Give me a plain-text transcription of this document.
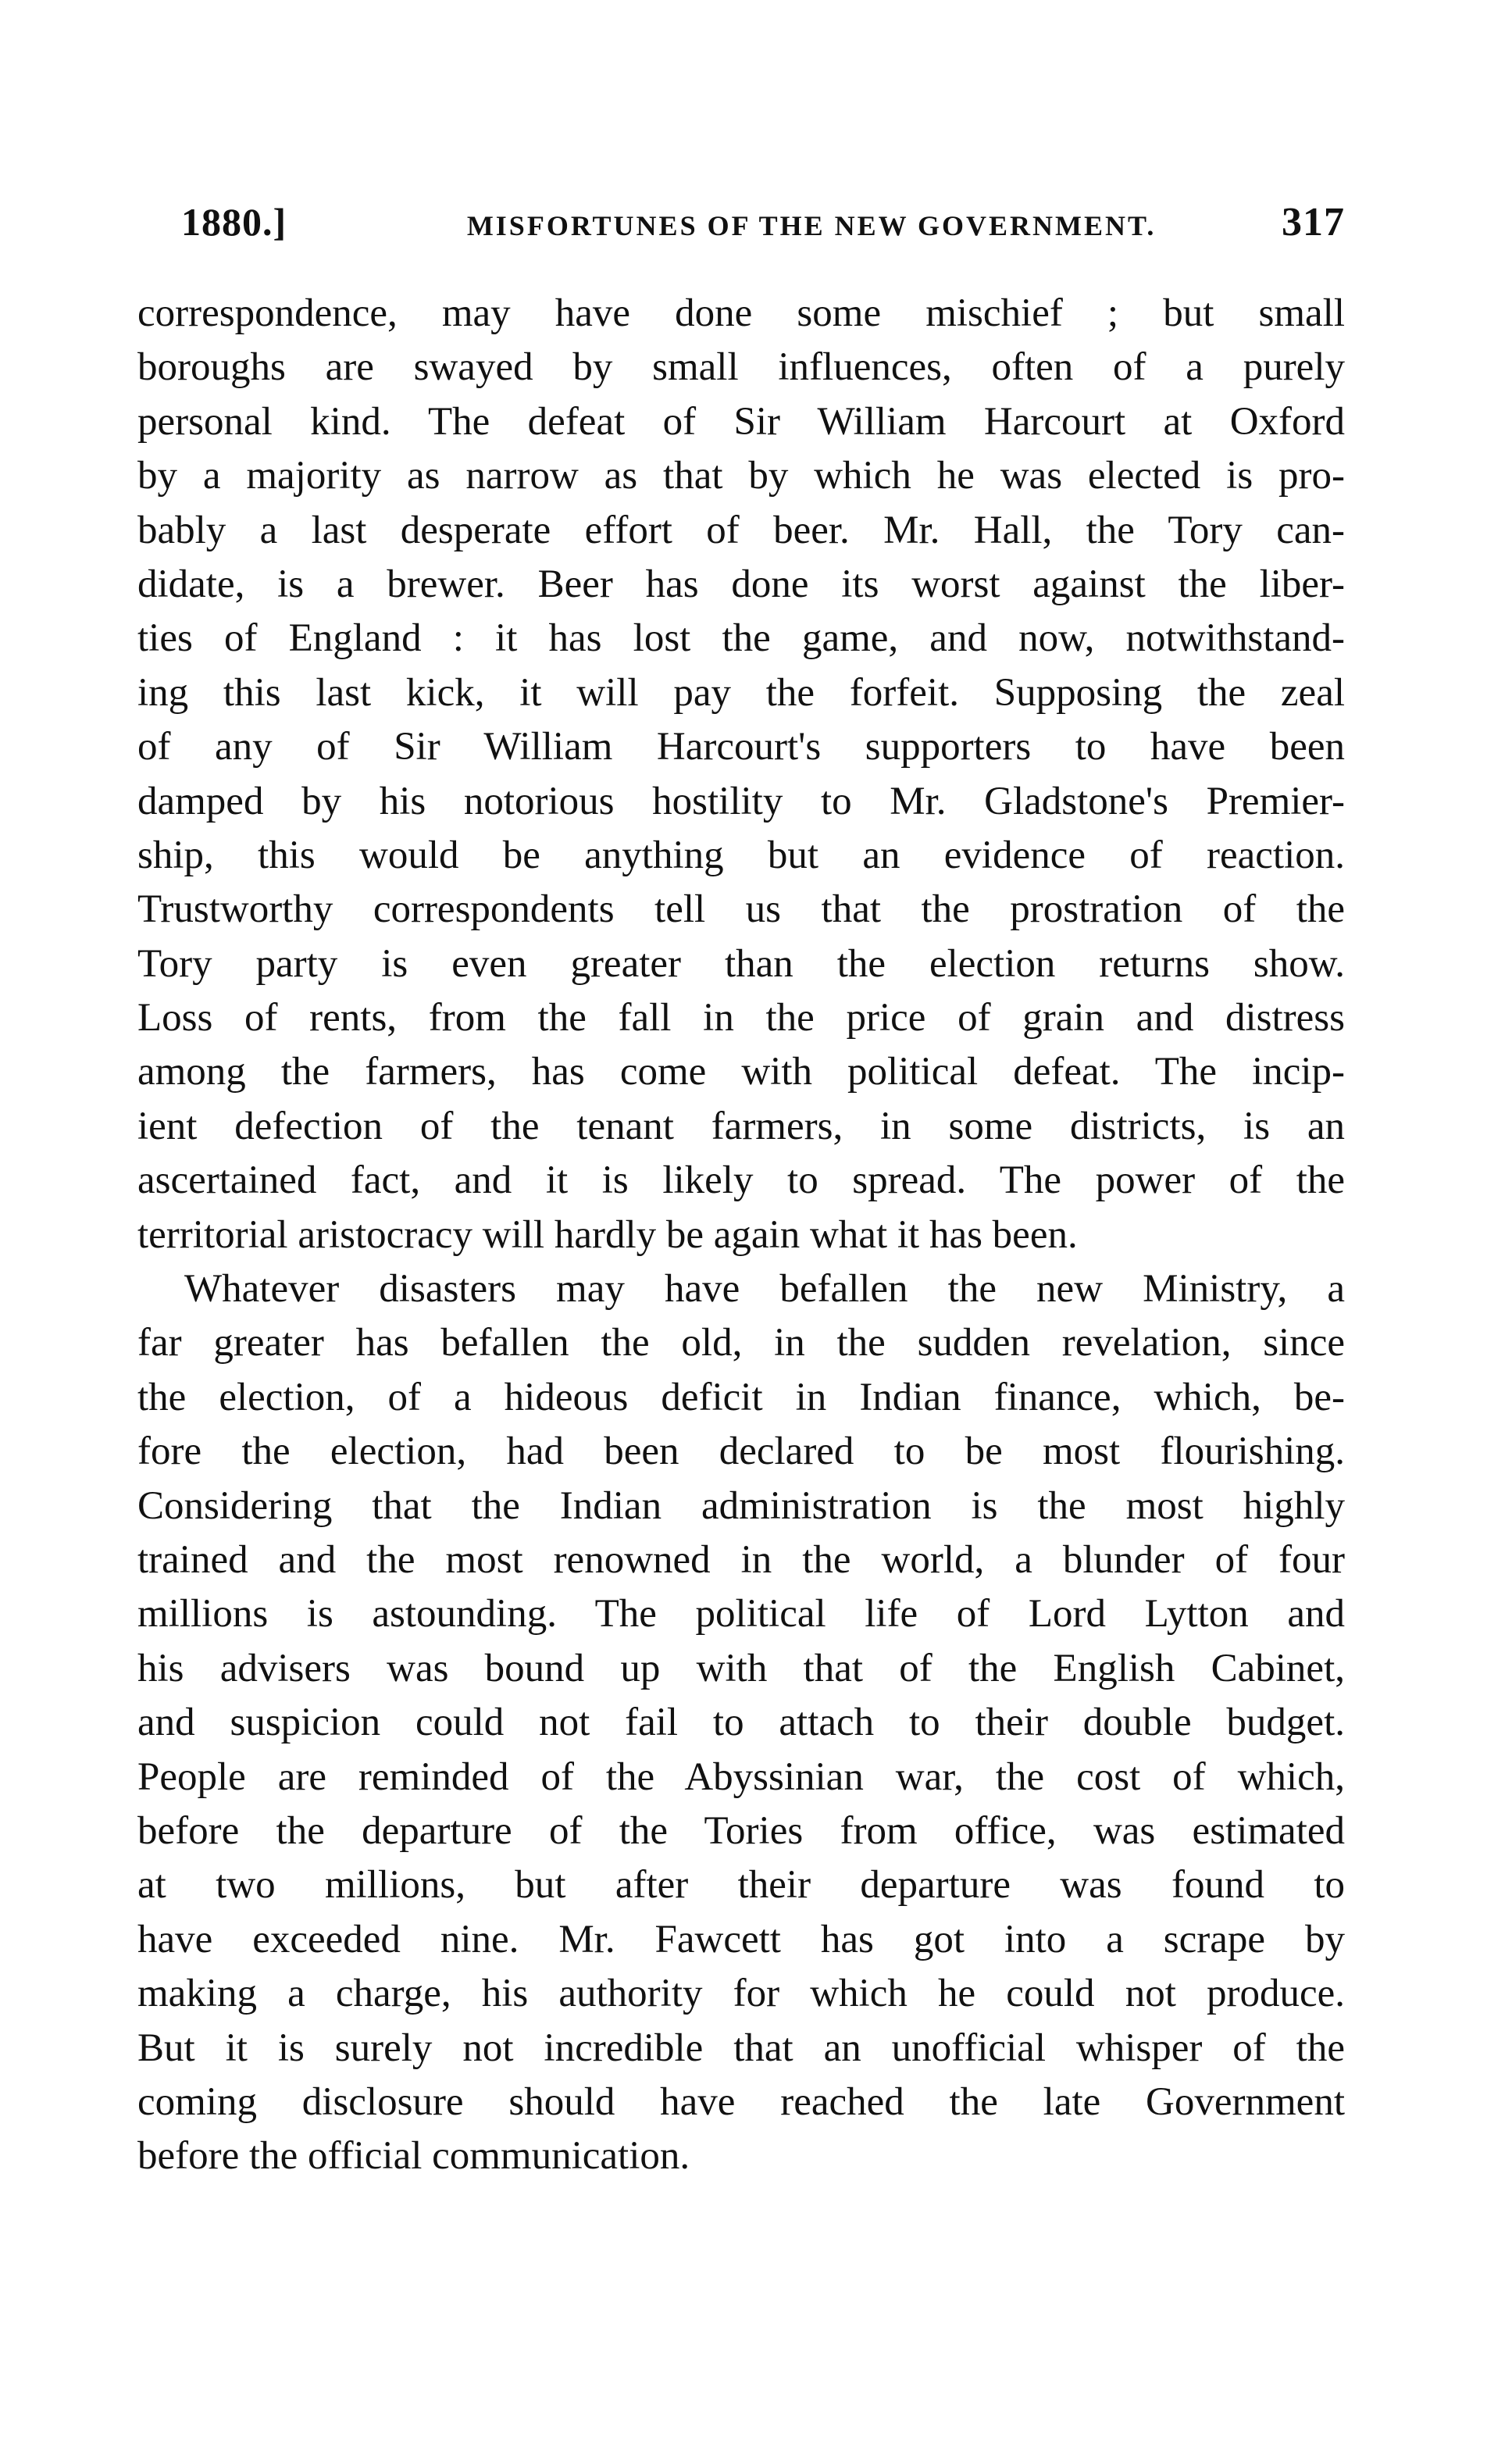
1880.]	MISFORTUNES OF THE NEW GOVERNMENT.	317
correspondence, may have done some mischief ; but small
boroughs are swayed by small influences, often of a purely
personal kind. The defeat of Sir William Harcourt at Oxford
by a majority as narrow as that by which he was elected is pro-
bably a last desperate effort of beer. Mr. Hall, the Tory can-
didate, is a brewer. Beer has done its worst against the liber-
ties of England : it has lost the game, and now, notwithstand-
ing this last kick, it will pay the forfeit. Supposing the zeal
of any of Sir William Harcourt's supporters to have been
damped by his notorious hostility to Mr. Gladstone's Premier-
ship, this would be anything but an evidence of reaction.
Trustworthy correspondents tell us that the prostration of the
Tory party is even greater than the election returns show.
Loss of rents, from the fall in the price of grain and distress
among the farmers, has come with political defeat. The incip-
ient defection of the tenant farmers, in some districts, is an
ascertained fact, and it is likely to spread. The power of the
territorial aristocracy will hardly be again what it has been.
Whatever disasters may have befallen the new Ministry, a
far greater has befallen the old, in the sudden revelation, since
the election, of a hideous deficit in Indian finance, which, be-
fore the election, had been declared to be most flourishing.
Considering that the Indian administration is the most highly
trained and the most renowned in the world, a blunder of four
millions is astounding. The political life of Lord Lytton and
his advisers was bound up with that of the English Cabinet,
and suspicion could not fail to attach to their double budget.
People are reminded of the Abyssinian war, the cost of which,
before the departure of the Tories from office, was estimated
at two millions, but after their departure was found to
have exceeded nine. Mr. Fawcett has got into a scrape by
making a charge, his authority for which he could not produce.
But it is surely not incredible that an unofficial whisper of the
coming disclosure should have reached the late Government
before the official communication.
